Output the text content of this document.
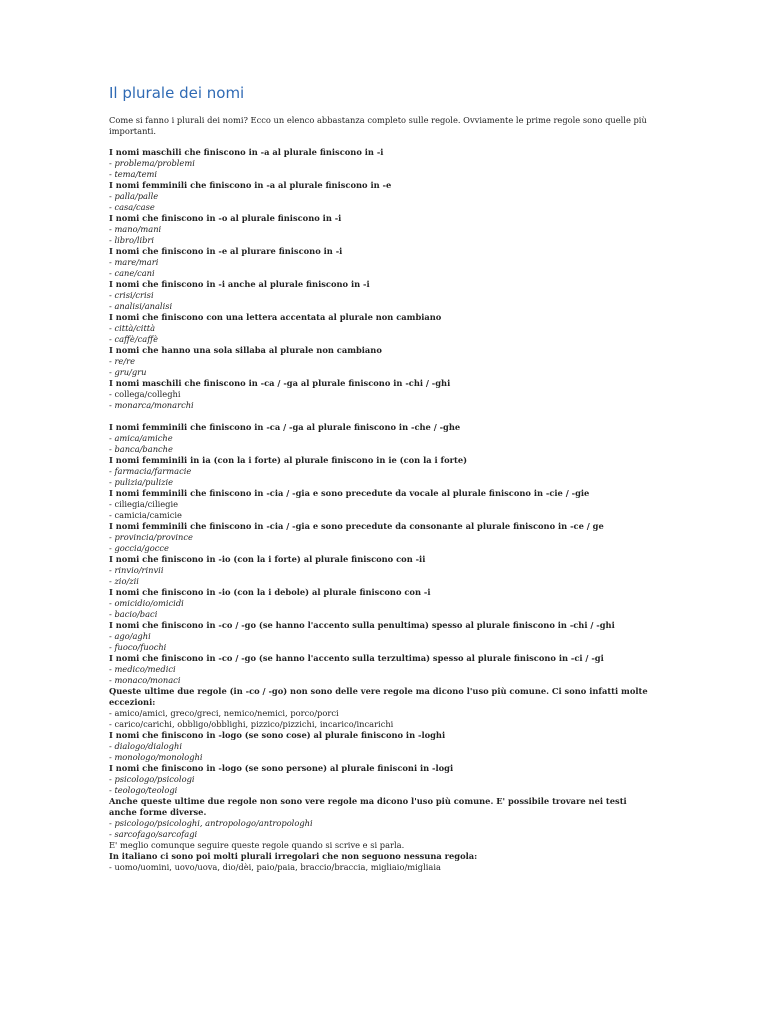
Il plurale dei nomi

Come si fanno i plurali dei nomi? Ecco un elenco abbastanza completo sulle regole. Ovviamente le prime regole sono quelle più importanti.

I nomi maschili che finiscono in -a al plurale finiscono in -i
- problema/problemi
- tema/temi
I nomi femminili che finiscono in -a al plurale finiscono in -e
- palla/palle
- casa/case
I nomi che finiscono in -o al plurale finiscono in -i
- mano/mani
- libro/libri
I nomi che finiscono in -e al plurare finiscono in -i
- mare/mari
- cane/cani
I nomi che finiscono in -i anche al plurale finiscono in -i
- crisi/crisi
- analisi/analisi
I nomi che finiscono con una lettera accentata al plurale non cambiano
- città/città
- caffè/caffè
I nomi che hanno una sola sillaba al plurale non cambiano
- re/re
- gru/gru
I nomi maschili che finiscono in -ca / -ga al plurale finiscono in -chi / -ghi
- collega/colleghi
- monarca/monarchi
I nomi femminili che finiscono in -ca / -ga al plurale finiscono in -che / -ghe
- amica/amiche
- banca/banche
I nomi femminili in ia (con la i forte) al plurale finiscono in ie (con la i forte)
- farmacia/farmacie
- pulizia/pulizie
I nomi femminili che finiscono in -cia / -gia e sono precedute da vocale al plurale finiscono in -cie / -gie
- ciliegia/ciliegie
- camicia/camicie
I nomi femminili che finiscono in -cia / -gia e sono precedute da consonante al plurale finiscono in -ce / ge
- provincia/province
- goccia/gocce
I nomi che finiscono in -io (con la i forte) al plurale finiscono con -ii
- rinvio/rinvii
- zio/zii
I nomi che finiscono in -io (con la i debole) al plurale finiscono con -i
- omicidio/omicidi
- bacio/baci
I nomi che finiscono in -co / -go (se hanno l'accento sulla penultima) spesso al plurale finiscono in -chi / -ghi
- ago/aghi
- fuoco/fuochi
I nomi che finiscono in -co / -go (se hanno l'accento sulla terzultima) spesso al plurale finiscono in -ci / -gi
- medico/medici
- monaco/monaci
Queste ultime due regole (in -co / -go) non sono delle vere regole ma dicono l'uso più comune. Ci sono infatti molte eccezioni:
- amico/amici, greco/greci, nemico/nemici, porco/porci
- carico/carichi, obbligo/obblighi, pizzico/pizzichi, incarico/incarichi
I nomi che finiscono in -logo (se sono cose) al plurale finiscono in -loghi
- dialogo/dialoghi
- monologo/monologhi
I nomi che finiscono in -logo (se sono persone) al plurale finisconi in -logi
- psicologo/psicologi
- teologo/teologi
Anche queste ultime due regole non sono vere regole ma dicono l'uso più comune. E' possibile trovare nei testi anche forme diverse.
- psicologo/psicologhi, antropologo/antropologhi
- sarcofago/sarcofagi
E' meglio comunque seguire queste regole quando si scrive e si parla.
In italiano ci sono poi molti plurali irregolari che non seguono nessuna regola:
- uomo/uomini, uovo/uova, dio/dèi, paio/paia, braccio/braccia, migliaio/migliaia
